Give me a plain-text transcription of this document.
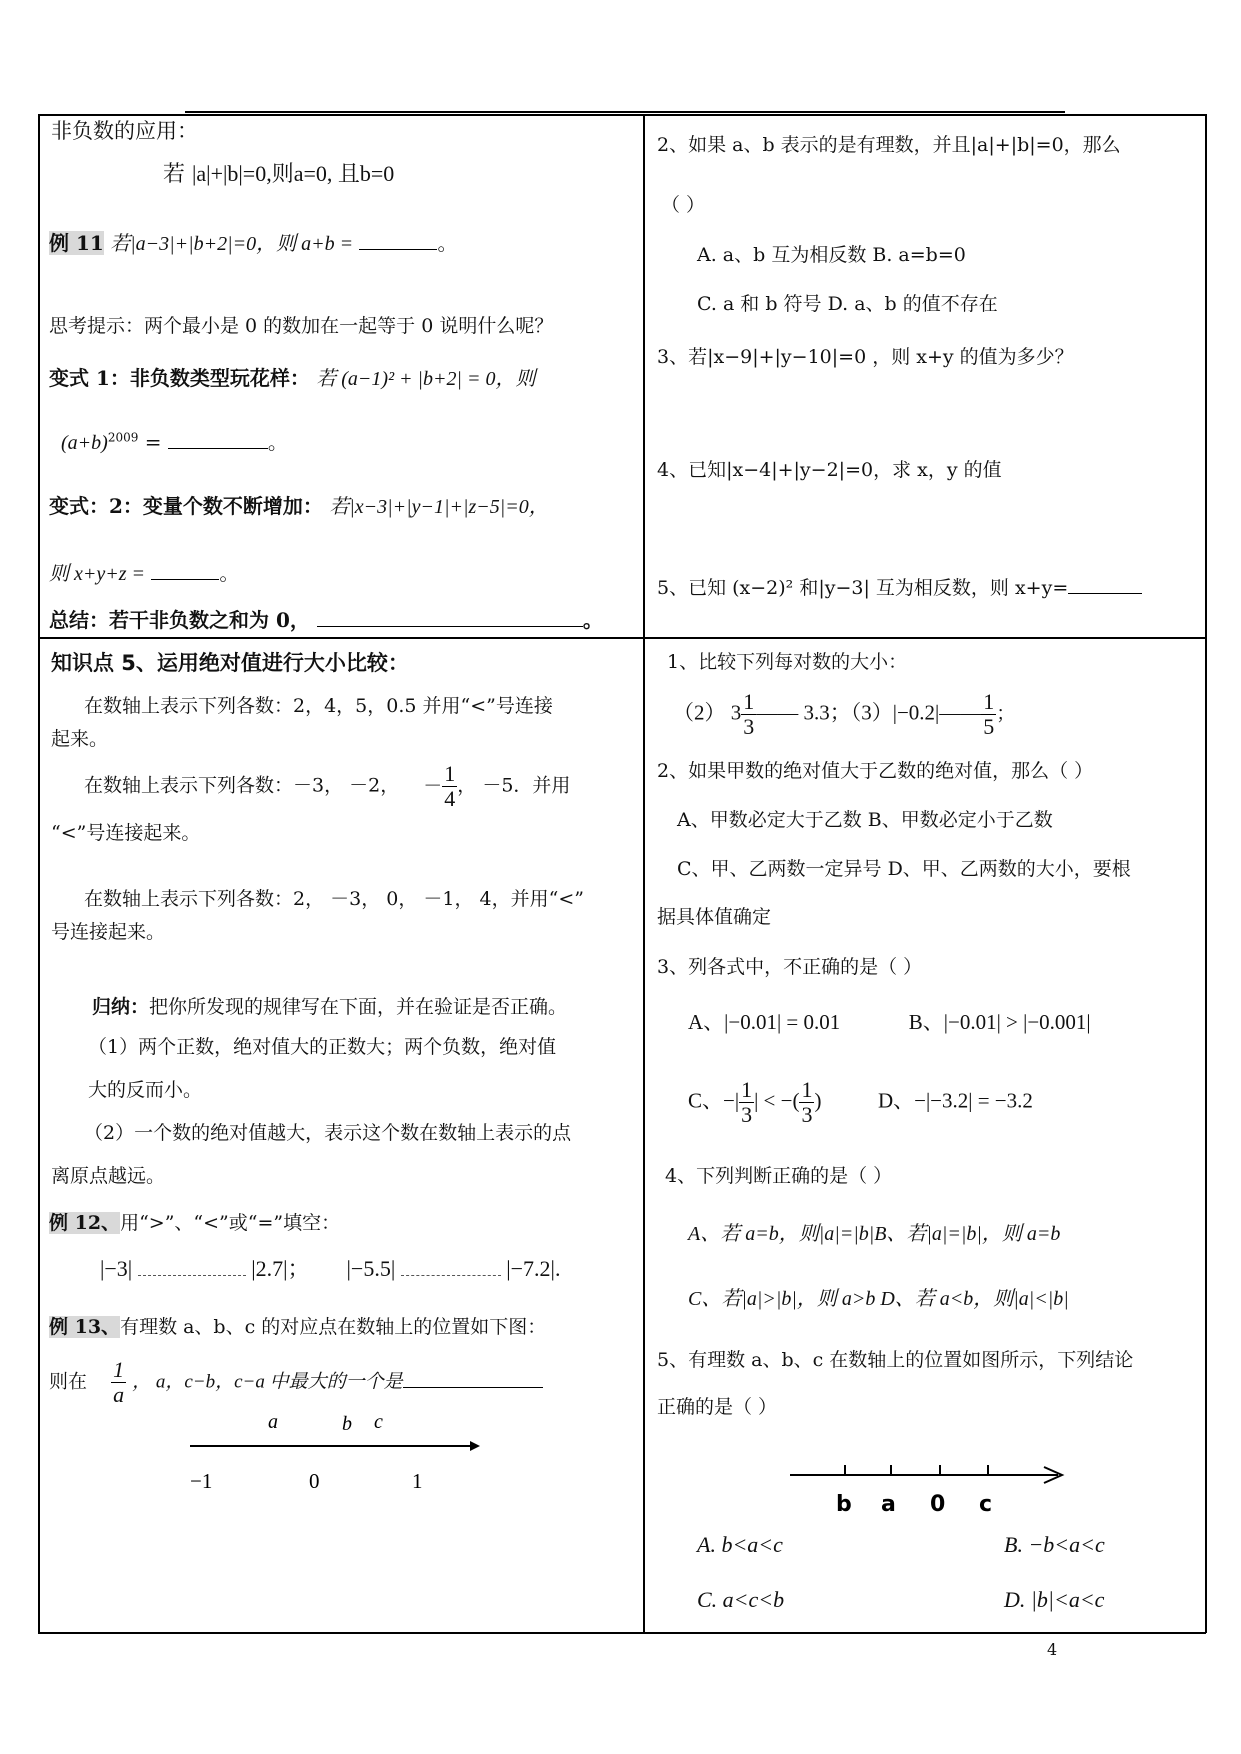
非负数的应用：
若 |a|+|b|=0,则a=0, 且b=0
例 11 若|a−3|+|b+2|=0，则 a+b =	。
思考提示：两个最小是 0 的数加在一起等于 0 说明什么呢？
变式 1：非负数类型玩花样： 若 (a−1)² + |b+2| = 0，则
$(a+b)^{2009}$ =	。
变式：2：变量个数不断增加： 若|x−3|+|y−1|+|z−5|=0，
则 x+y+z =	。
总结：若干非负数之和为 0，	。
2、如果 a、b 表示的是有理数，并且|a|+|b|=0，那么
（ ）
A. a、b 互为相反数 B. a=b=0
C. a 和 b 符号 D. a、b 的值不存在
3、若|x−9|+|y−10|=0 ，则 x+y 的值为多少？
4、已知|x−4|+|y−2|=0，求 x，y 的值
5、已知 (x−2)² 和|y−3| 互为相反数，则 x+y=
知识点 5、运用绝对值进行大小比较：
在数轴上表示下列各数：2，4，5，0.5 并用“<”号连接
起来。
在数轴上表示下列各数：－3， －2， － $\frac{1}{4}$ ， －5．并用
“<”号连接起来。
在数轴上表示下列各数：2， －3， 0， －1， 4，并用“<”
号连接起来。
归纳：把你所发现的规律写在下面，并在验证是否正确。
（1）两个正数，绝对值大的正数大；两个负数，绝对值
大的反而小。
（2）一个数的绝对值越大，表示这个数在数轴上表示的点
离原点越远。
例 12、用“>”、“<”或“=”填空：
|−3|	|2.7|； |−5.5|	|−7.2|.
例 13、有理数 a、b、c 的对应点在数轴上的位置如下图：
则在 $\frac{1}{a}$ ， a，c−b，c−a 中最大的一个是
a	b c
−1	0	1
1、比较下列每对数的大小：
（2） $3 \frac{1}{3}$ —— 3.3；（3）|−0.2|—— $\frac{1}{5}$ ；
2、如果甲数的绝对值大于乙数的绝对值，那么（ ）
A、甲数必定大于乙数 B、甲数必定小于乙数
C、甲、乙两数一定异号 D、甲、乙两数的大小，要根
据具体值确定
3、列各式中，不正确的是（ ）
A、|−0.01| = 0.01	B、|−0.01| > |−0.001|
C、−| $\frac{1}{3}$ | < −( $\frac{1}{3}$ )	D、−|−3.2| = −3.2
4、下列判断正确的是（ ）
A、若 a=b，则|a|=|b|B、若|a|=|b|，则 a=b
C、若|a|>|b|，则 a>b D、若 a<b，则|a|<|b|
5、有理数 a、b、c 在数轴上的位置如图所示，下列结论
正确的是（ ）
b a 0 c
A. b<a<c	B. −b<a<c
C. a<c<b	D. |b|<a<c
4
